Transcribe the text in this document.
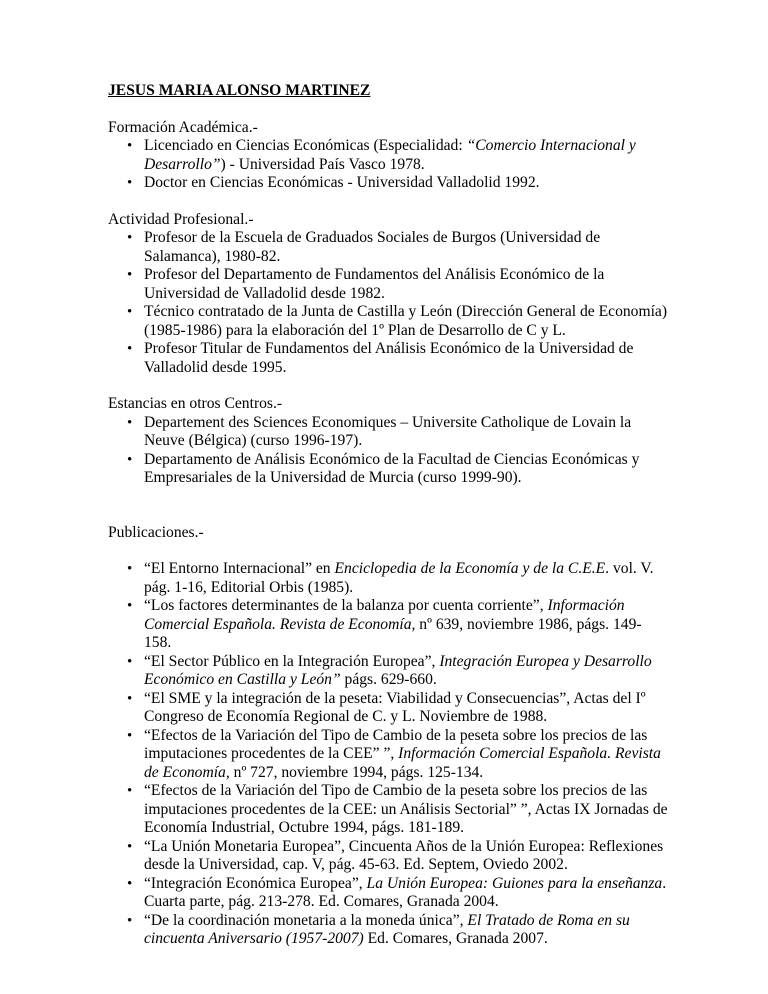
JESUS MARIA ALONSO MARTINEZ
Formación Académica.-
• Licenciado en Ciencias Económicas (Especialidad: “Comercio Internacional y Desarrollo”) - Universidad País Vasco 1978.
• Doctor en Ciencias Económicas - Universidad Valladolid 1992.
Actividad Profesional.-
• Profesor de la Escuela de Graduados Sociales de Burgos (Universidad de Salamanca), 1980-82.
• Profesor del Departamento de Fundamentos del Análisis Económico de la Universidad de Valladolid desde 1982.
• Técnico contratado de la Junta de Castilla y León (Dirección General de Economía) (1985-1986) para la elaboración del 1º Plan de Desarrollo de C y L.
• Profesor Titular de Fundamentos del Análisis Económico de la Universidad de Valladolid desde 1995.
Estancias en otros Centros.-
• Departement des Sciences Economiques – Universite Catholique de Lovain la Neuve (Bélgica) (curso 1996-197).
• Departamento de Análisis Económico de la Facultad de Ciencias Económicas y Empresariales de la Universidad de Murcia (curso 1999-90).
Publicaciones.-
• “El Entorno Internacional” en Enciclopedia de la Economía y de la C.E.E. vol. V. pág. 1-16, Editorial Orbis (1985).
• “Los factores determinantes de la balanza por cuenta corriente”, Información Comercial Española. Revista de Economía, nº 639, noviembre 1986, págs. 149-158.
• “El Sector Público en la Integración Europea”, Integración Europea y Desarrollo Económico en Castilla y León” págs. 629-660.
• “El SME y la integración de la peseta: Viabilidad y Consecuencias”, Actas del Iº Congreso de Economía Regional de C. y L. Noviembre de 1988.
• “Efectos de la Variación del Tipo de Cambio de la peseta sobre los precios de las imputaciones procedentes de la CEE” ”, Información Comercial Española. Revista de Economía, nº 727, noviembre 1994, págs. 125-134.
• “Efectos de la Variación del Tipo de Cambio de la peseta sobre los precios de las imputaciones procedentes de la CEE: un Análisis Sectorial” ”, Actas IX Jornadas de Economía Industrial, Octubre 1994, págs. 181-189.
• “La Unión Monetaria Europea”, Cincuenta Años de la Unión Europea: Reflexiones desde la Universidad, cap. V, pág. 45-63. Ed. Septem, Oviedo 2002.
• “Integración Económica Europea”, La Unión Europea: Guiones para la enseñanza. Cuarta parte, pág. 213-278. Ed. Comares, Granada 2004.
• “De la coordinación monetaria a la moneda única”, El Tratado de Roma en su cincuenta Aniversario (1957-2007) Ed. Comares, Granada 2007.
